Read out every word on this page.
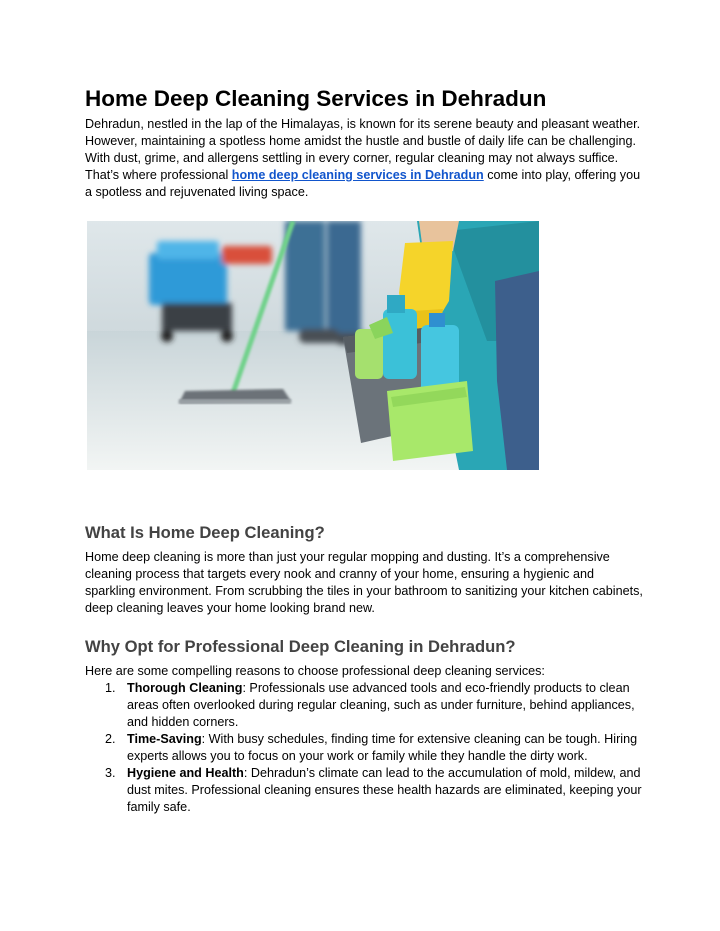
Home Deep Cleaning Services in Dehradun

Dehradun, nestled in the lap of the Himalayas, is known for its serene beauty and pleasant weather. However, maintaining a spotless home amidst the hustle and bustle of daily life can be challenging. With dust, grime, and allergens settling in every corner, regular cleaning may not always suffice. That’s where professional home deep cleaning services in Dehradun come into play, offering you a spotless and rejuvenated living space.

What Is Home Deep Cleaning?

Home deep cleaning is more than just your regular mopping and dusting. It’s a comprehensive cleaning process that targets every nook and cranny of your home, ensuring a hygienic and sparkling environment. From scrubbing the tiles in your bathroom to sanitizing your kitchen cabinets, deep cleaning leaves your home looking brand new.

Why Opt for Professional Deep Cleaning in Dehradun?

Here are some compelling reasons to choose professional deep cleaning services:

1. Thorough Cleaning: Professionals use advanced tools and eco-friendly products to clean areas often overlooked during regular cleaning, such as under furniture, behind appliances, and hidden corners.
2. Time-Saving: With busy schedules, finding time for extensive cleaning can be tough. Hiring experts allows you to focus on your work or family while they handle the dirty work.
3. Hygiene and Health: Dehradun’s climate can lead to the accumulation of mold, mildew, and dust mites. Professional cleaning ensures these health hazards are eliminated, keeping your family safe.
